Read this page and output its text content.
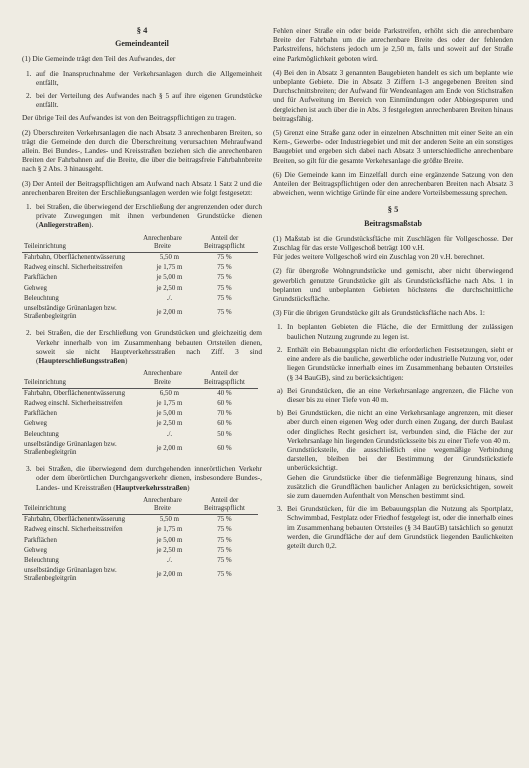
§ 4
Gemeindeanteil

(1) Die Gemeinde trägt den Teil des Aufwandes, der

1. auf die Inanspruchnahme der Verkehrsanlagen durch die Allgemeinheit entfällt,
2. bei der Verteilung des Aufwandes nach § 5 auf ihre eigenen Grundstücke entfällt.

Der übrige Teil des Aufwandes ist von den Beitragspflichtigen zu tragen.

(2) Überschreiten Verkehrsanlagen die nach Absatz 3 anrechenbaren Breiten, so trägt die Gemeinde den durch die Überschreitung verursachten Mehraufwand allein. Bei Bundes-, Landes- und Kreisstraßen beziehen sich die anrechenbaren Breiten der Fahrbahnen auf die Breite, die über die beitragsfreie Fahrbahnbreite nach § 2 Abs. 3 hinausgeht.

(3) Der Anteil der Beitragspflichtigen am Aufwand nach Absatz 1 Satz 2 und die anrechenbaren Breiten der Erschließungsanlagen werden wie folgt festgesetzt:

1. bei Straßen, die überwiegend der Erschließung der angrenzenden oder durch private Zuwegungen mit ihnen verbundenen Grundstücke dienen (Anliegerstraßen).
Teileinrichtung	Anrechenbare Breite	Anteil der Beitragspflicht
Fahrbahn, Oberflächenentwässerung	5,50 m	75 %
Radweg einschl. Sicherheitsstreifen	je 1,75 m	75 %
Parkflächen	je 5,00 m	75 %
Gehweg	je 2,50 m	75 %
Beleuchtung	./.	75 %
unselbständige Grünanlagen bzw. Straßenbegleitgrün	je 2,00 m	75 %
2. bei Straßen, die der Erschließung von Grundstücken und gleichzeitig dem Verkehr innerhalb von im Zusammenhang bebauten Ortsteilen dienen, soweit sie nicht Hauptverkehrsstraßen nach Ziff. 3 sind (Haupterschließungsstraßen)
Teileinrichtung	Anrechenbare Breite	Anteil der Beitragspflicht
Fahrbahn, Oberflächenentwässerung	6,50 m	40 %
Radweg einschl. Sicherheitsstreifen	je 1,75 m	60 %
Parkflächen	je 5,00 m	70 %
Gehweg	je 2,50 m	60 %
Beleuchtung	./.	50 %
unselbständige Grünanlagen bzw. Straßenbegleitgrün	je 2,00 m	60 %
3. bei Straßen, die überwiegend dem durchgehenden innerörtlichen Verkehr oder dem überörtlichen Durchgangsverkehr dienen, insbesondere Bundes-, Landes- und Kreisstraßen (Hauptverkehrsstraßen)
Teileinrichtung	Anrechenbare Breite	Anteil der Beitragspflicht
Fahrbahn, Oberflächenentwässerung	5,50 m	75 %
Radweg einschl. Sicherheitsstreifen	je 1,75 m	75 %
Parkflächen	je 5,00 m	75 %
Gehweg	je 2,50 m	75 %
Beleuchtung	./.	75 %
unselbständige Grünanlagen bzw. Straßenbegleitgrün	je 2,00 m	75 %

Fehlen einer Straße ein oder beide Parkstreifen, erhöht sich die anrechenbare Breite der Fahrbahn um die anrechenbare Breite des oder der fehlenden Parkstreifens, höchstens jedoch um je 2,50 m, falls und soweit auf der Straße eine Parkmöglichkeit geboten wird.

(4) Bei den in Absatz 3 genannten Baugebieten handelt es sich um beplante wie unbeplante Gebiete. Die in Absatz 3 Ziffern 1-3 angegebenen Breiten sind Durchschnittsbreiten; der Aufwand für Wendeanlagen am Ende von Stichstraßen und für Aufweitung im Bereich von Einmündungen oder Abbiegespuren und dergleichen ist auch über die in Abs. 3 festgelegten anrechenbaren Breiten hinaus beitragsfähig.

(5) Grenzt eine Straße ganz oder in einzelnen Abschnitten mit einer Seite an ein Kern-, Gewerbe- oder Industriegebiet und mit der anderen Seite an ein sonstiges Baugebiet und ergeben sich dabei nach Absatz 3 unterschiedliche anrechenbare Breiten, so gilt für die gesamte Verkehrsanlage die größte Breite.

(6) Die Gemeinde kann im Einzelfall durch eine ergänzende Satzung von den Anteilen der Beitragspflichtigen oder den anrechenbaren Breiten nach Absatz 3 abweichen, wenn wichtige Gründe für eine andere Vorteilsbemessung sprechen.

§ 5
Beitragsmaßstab

(1) Maßstab ist die Grundstücksfläche mit Zuschlägen für Vollgeschosse. Der Zuschlag für das erste Vollgeschoß beträgt 100 v.H.

Für jedes weitere Vollgeschoß wird ein Zuschlag von 20 v.H. berechnet.

(2) für übergroße Wohngrundstücke und gemischt, aber nicht überwiegend gewerblich genutzte Grundstücke gilt als Grundstücksfläche nach Abs. 1 in beplanten und unbeplanten Gebieten höchstens die durchschnittliche Grundstücksfläche.

(3) Für die übrigen Grundstücke gilt als Grundstücksfläche nach Abs. 1:

1. In beplanten Gebieten die Fläche, die der Ermittlung der zulässigen baulichen Nutzung zugrunde zu legen ist.
2. Enthält ein Bebauungsplan nicht die erforderlichen Festsetzungen, sieht er eine andere als die bauliche, gewerbliche oder industrielle Nutzung vor, oder liegen Grundstücke innerhalb eines im Zusammenhang bebauten Ortsteiles (§ 34 BauGB), sind zu berücksichtigen:
a) Bei Grundstücken, die an eine Verkehrsanlage angrenzen, die Fläche von dieser bis zu einer Tiefe von 40 m.
b) Bei Grundstücken, die nicht an eine Verkehrsanlage angrenzen, mit dieser aber durch einen eigenen Weg oder durch einen Zugang, der durch Baulast oder dingliches Recht gesichert ist, verbunden sind, die Fläche der zur Verkehrsanlage hin liegenden Grundstücksseite bis zu einer Tiefe von 40 m.
Grundstücksteile, die ausschließlich eine wegemäßige Verbindung darstellen, bleiben bei der Bestimmung der Grundstückstiefe unberücksichtigt.
Gehen die Grundstücke über die tiefenmäßige Begrenzung hinaus, sind zusätzlich die Grundflächen baulicher Anlagen zu berücksichtigen, soweit sie zum dauernden Aufenthalt von Menschen bestimmt sind.
3. Bei Grundstücken, für die im Bebauungsplan die Nutzung als Sportplatz, Schwimmbad, Festplatz oder Friedhof festgelegt ist, oder die innerhalb eines im Zusammenhang bebauten Ortsteiles (§ 34 BauGB) tatsächlich so genutzt werden, die Grundfläche der auf dem Grundstück liegenden Baulichkeiten geteilt durch 0,2.
